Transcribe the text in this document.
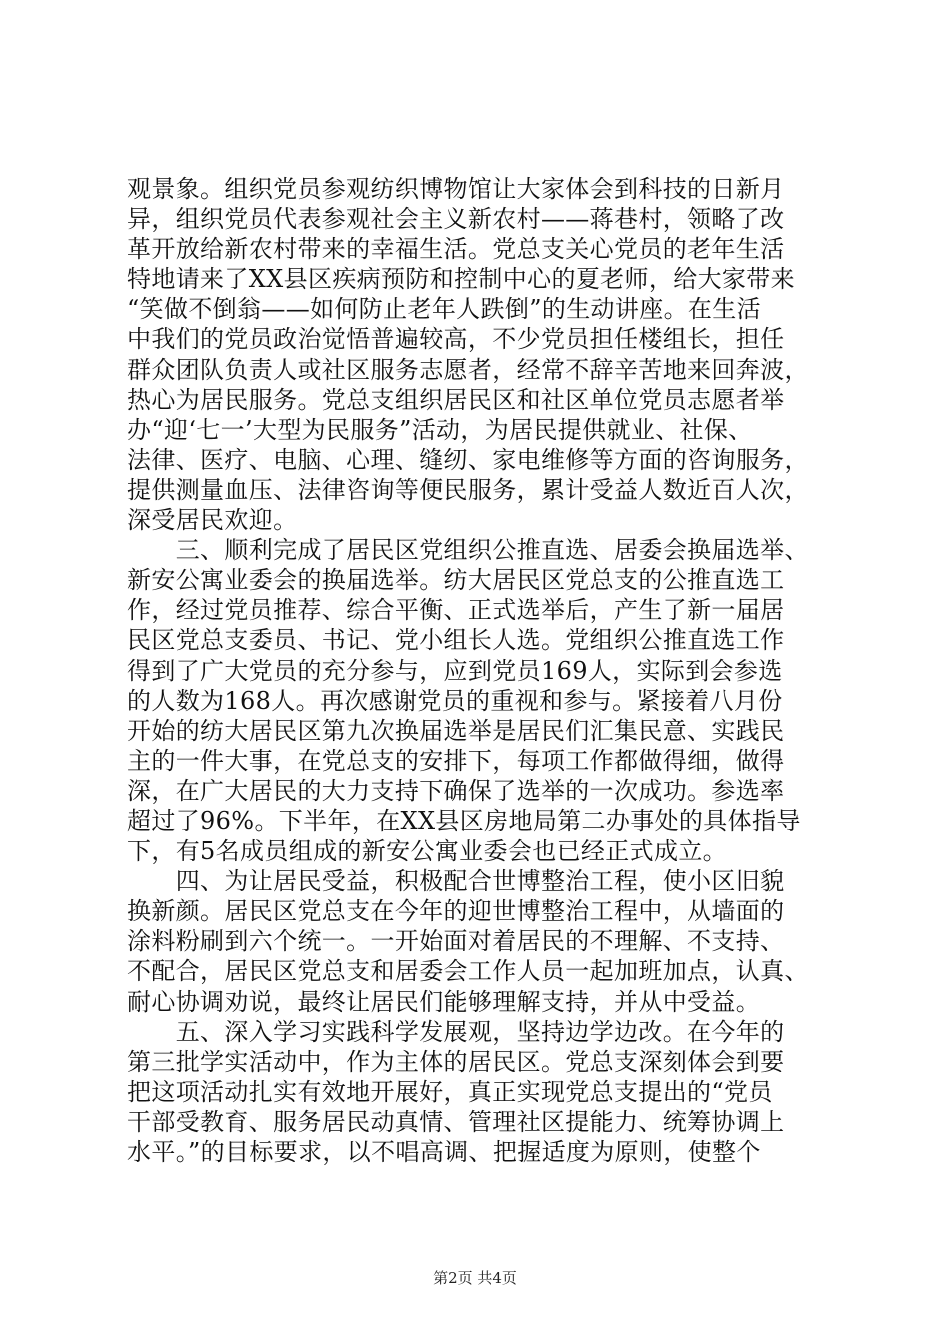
观景象。组织党员参观纺织博物馆让大家体会到科技的日新月
异，组织党员代表参观社会主义新农村——蒋巷村，领略了改
革开放给新农村带来的幸福生活。党总支关心党员的老年生活
特地请来了XX县区疾病预防和控制中心的夏老师，给大家带来
“笑做不倒翁——如何防止老年人跌倒”的生动讲座。在生活
中我们的党员政治觉悟普遍较高，不少党员担任楼组长，担任
群众团队负责人或社区服务志愿者，经常不辞辛苦地来回奔波，
热心为居民服务。党总支组织居民区和社区单位党员志愿者举
办“迎‘七一’大型为民服务”活动，为居民提供就业、社保、
法律、医疗、电脑、心理、缝纫、家电维修等方面的咨询服务，
提供测量血压、法律咨询等便民服务，累计受益人数近百人次，
深受居民欢迎。
　　三、顺利完成了居民区党组织公推直选、居委会换届选举、
新安公寓业委会的换届选举。纺大居民区党总支的公推直选工
作，经过党员推荐、综合平衡、正式选举后，产生了新一届居
民区党总支委员、书记、党小组长人选。党组织公推直选工作
得到了广大党员的充分参与，应到党员169人，实际到会参选
的人数为168人。再次感谢党员的重视和参与。紧接着八月份
开始的纺大居民区第九次换届选举是居民们汇集民意、实践民
主的一件大事，在党总支的安排下，每项工作都做得细，做得
深，在广大居民的大力支持下确保了选举的一次成功。参选率
超过了96%。下半年，在XX县区房地局第二办事处的具体指导
下，有5名成员组成的新安公寓业委会也已经正式成立。
　　四、为让居民受益，积极配合世博整治工程，使小区旧貌
换新颜。居民区党总支在今年的迎世博整治工程中，从墙面的
涂料粉刷到六个统一。一开始面对着居民的不理解、不支持、
不配合，居民区党总支和居委会工作人员一起加班加点，认真、
耐心协调劝说，最终让居民们能够理解支持，并从中受益。
　　五、深入学习实践科学发展观，坚持边学边改。在今年的
第三批学实活动中，作为主体的居民区。党总支深刻体会到要
把这项活动扎实有效地开展好，真正实现党总支提出的“党员
干部受教育、服务居民动真情、管理社区提能力、统筹协调上
水平。”的目标要求，以不唱高调、把握适度为原则，使整个
第2页 共4页
